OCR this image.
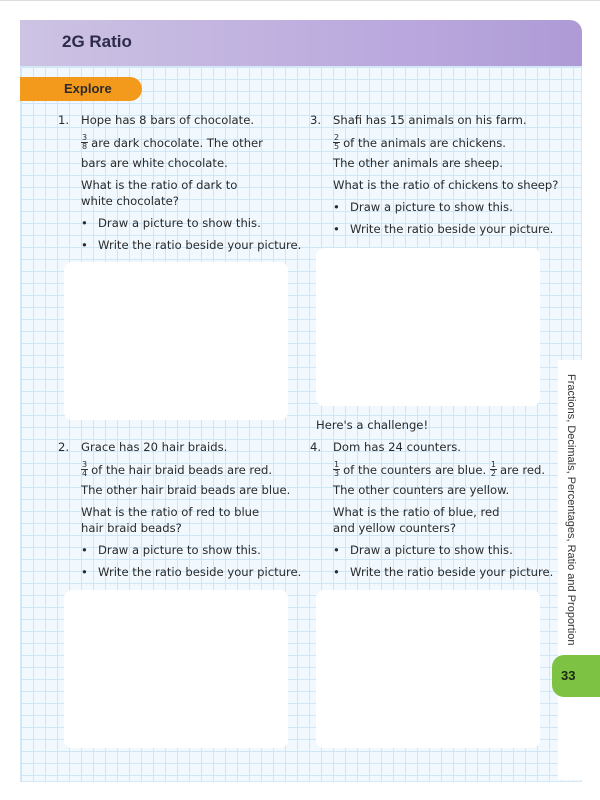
2G Ratio
Explore
1. Hope has 8 bars of chocolate.
$\frac{3}{8}$ are dark chocolate. The other
bars are white chocolate.
What is the ratio of dark to
white chocolate?
• Draw a picture to show this.
• Write the ratio beside your picture.
3. Shafi has 15 animals on his farm.
$\frac{2}{5}$ of the animals are chickens.
The other animals are sheep.
What is the ratio of chickens to sheep?
• Draw a picture to show this.
• Write the ratio beside your picture.
2. Grace has 20 hair braids.
$\frac{3}{4}$ of the hair braid beads are red.
The other hair braid beads are blue.
What is the ratio of red to blue
hair braid beads?
• Draw a picture to show this.
• Write the ratio beside your picture.
Here's a challenge!
4. Dom has 24 counters.
$\frac{1}{3}$ of the counters are blue. $\frac{1}{2}$ are red.
The other counters are yellow.
What is the ratio of blue, red
and yellow counters?
• Draw a picture to show this.
• Write the ratio beside your picture. Fractions, Decimals, Percentages, Ratio and Proportion
33
